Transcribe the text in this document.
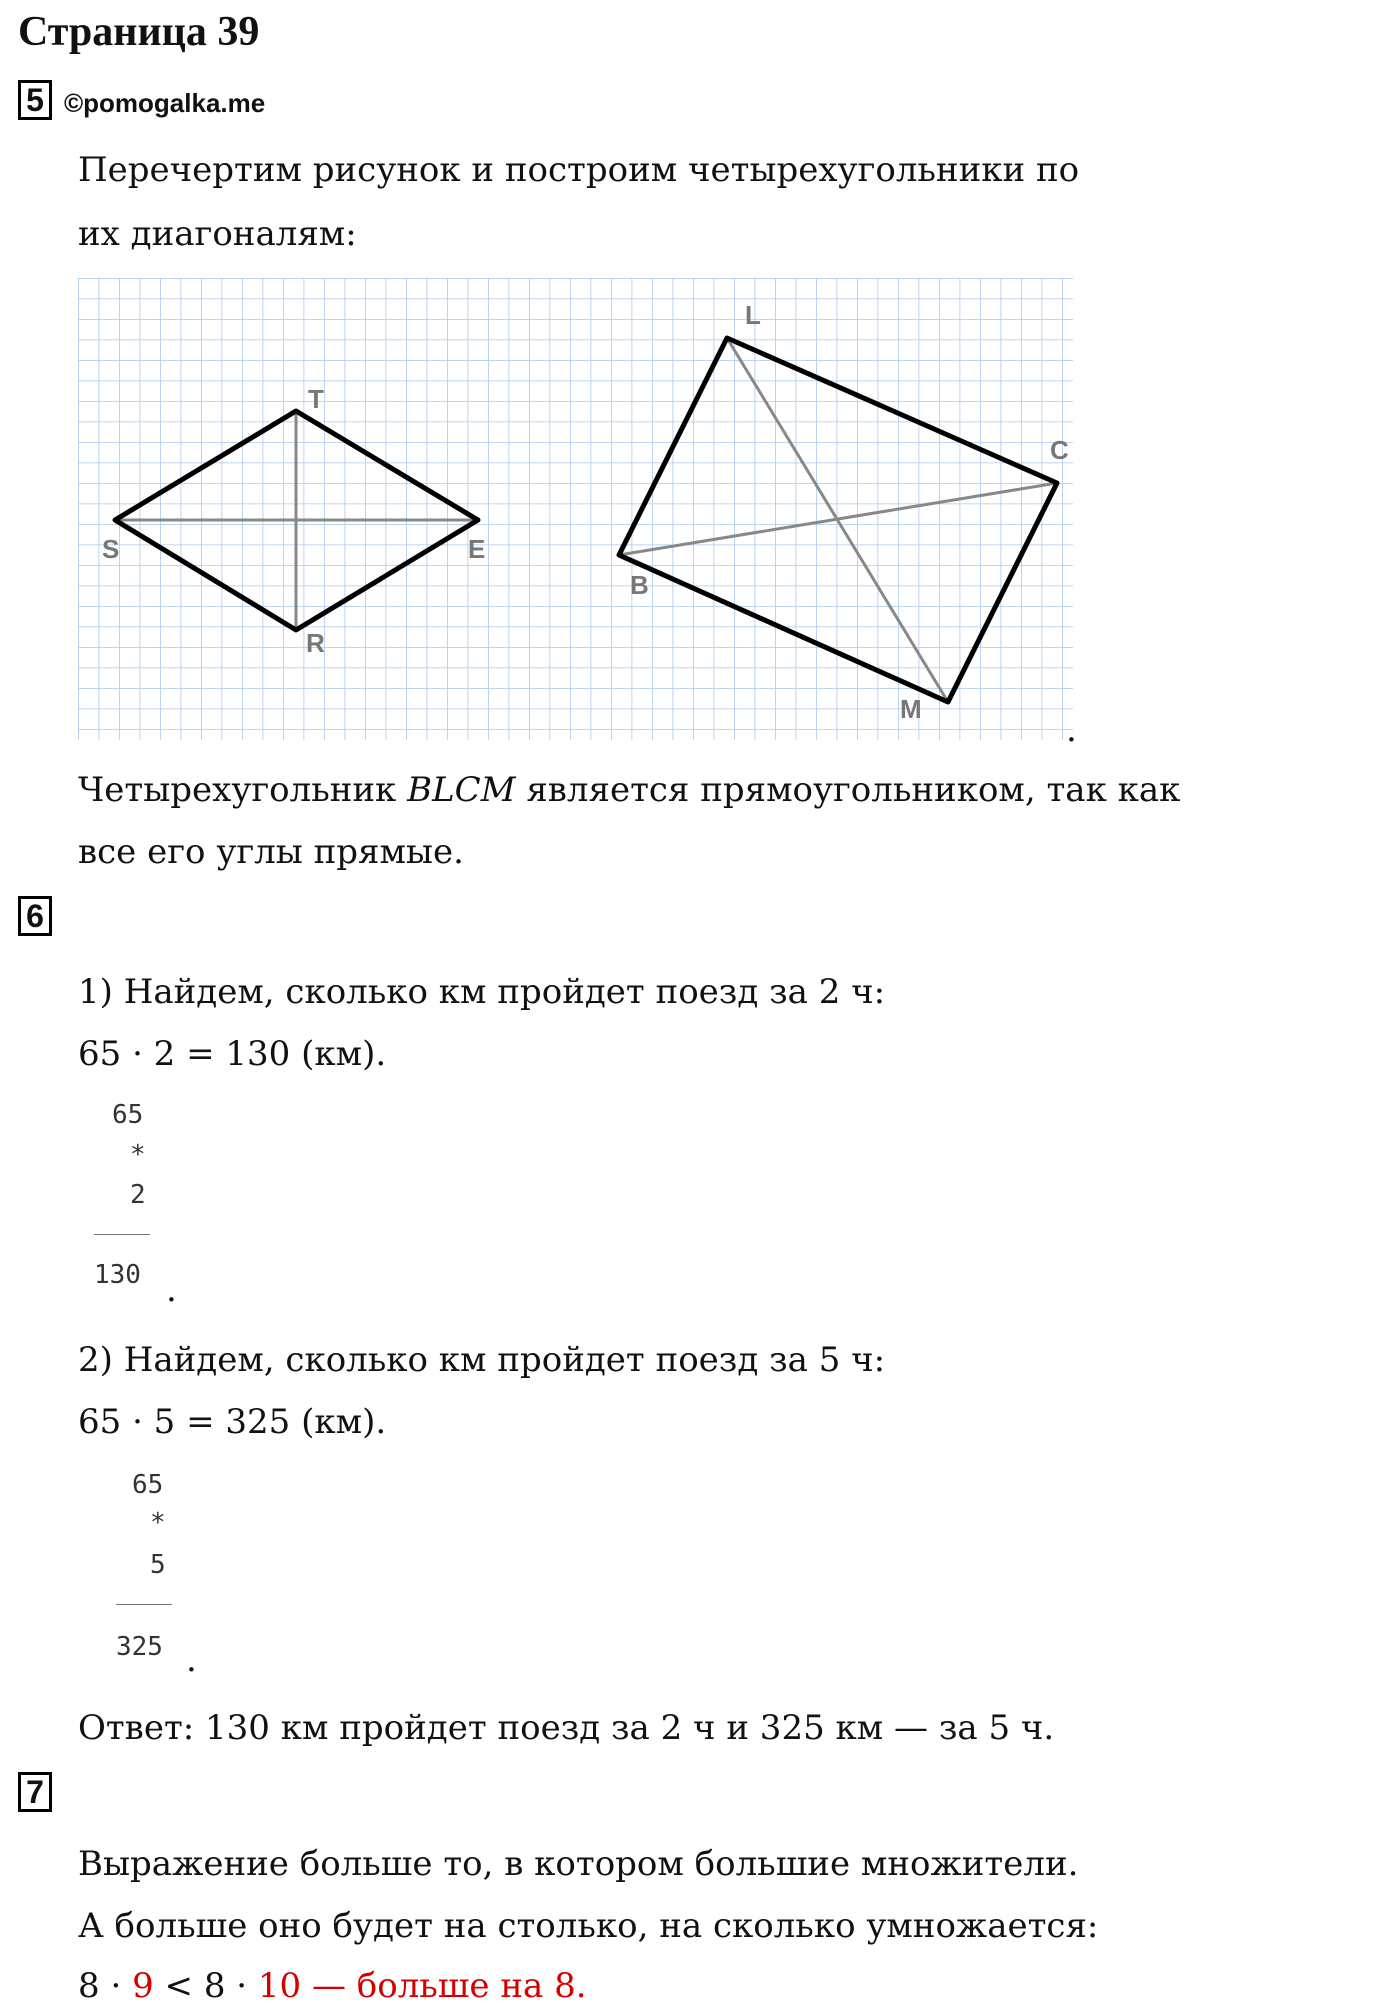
Страница 39
5 ©pomogalka.me
Перечертим рисунок и построим четырехугольники по
их диагоналям:
T
S	E
R
L
C
B
M
.
Четырехугольник BLCM является прямоугольником, так как
все его углы прямые.
6
1) Найдем, сколько км пройдет поезд за 2 ч:
65 · 2 = 130 (км).
65
*
2
130 .
2) Найдем, сколько км пройдет поезд за 5 ч:
65 · 5 = 325 (км).
65
*
5
325 .
Ответ: 130 км пройдет поезд за 2 ч и 325 км — за 5 ч.
7
Выражение больше то, в котором большие множители.
А больше оно будет на столько, на сколько умножается:
8 · 9 < 8 · 10 — больше на 8.
